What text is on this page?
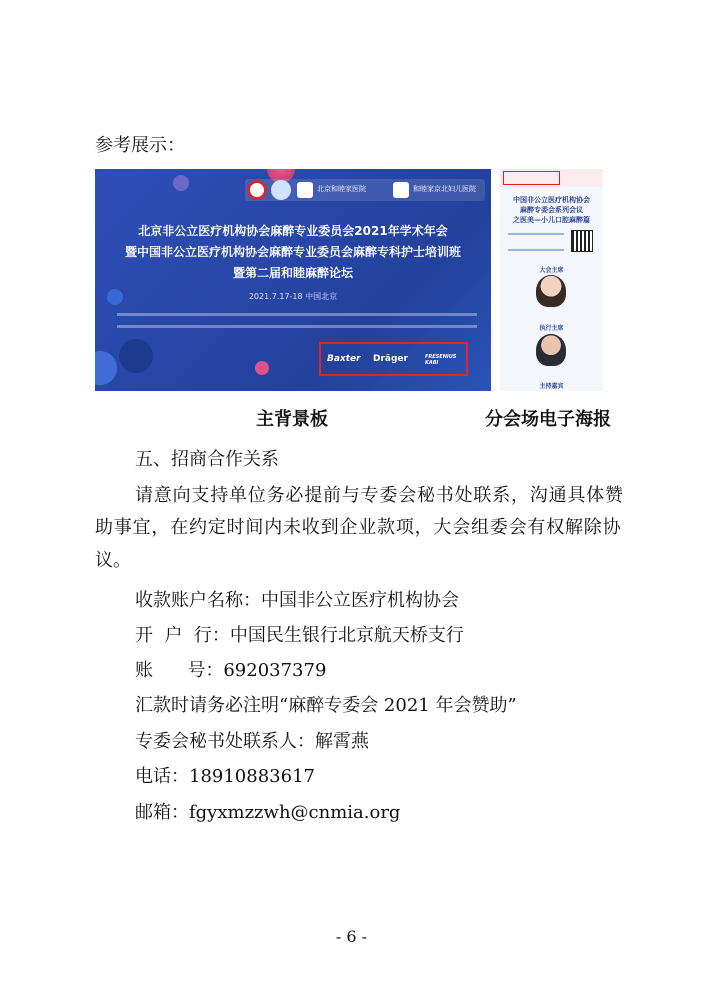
参考展示：
北京和睦家医院	和睦家京北妇儿医院
北京非公立医疗机构协会麻醉专业委员会2021年学术年会
暨中国非公立医疗机构协会麻醉专业委员会麻醉专科护士培训班
暨第二届和睦麻醉论坛
2021.7.17-18 中国北京
Baxter Dräger	FRESENIUS KABI
中国非公立医疗机构协会
麻醉专委会系列会议
之医美—小儿口腔麻醉篇
大会主席
执行主席
主持嘉宾
主背景板	分会场电子海报
五、招商合作关系
请意向支持单位务必提前与专委会秘书处联系，沟通具体赞
助事宜，在约定时间内未收到企业款项，大会组委会有权解除协
议。
收款账户名称：中国非公立医疗机构协会
开  户  行：中国民生银行北京航天桥支行
账      号：692037379
汇款时请务必注明“麻醉专委会 2021 年会赞助”
专委会秘书处联系人：解霄燕
电话：18910883617
邮箱：fgyxmzzwh@cnmia.org
- 6 -
